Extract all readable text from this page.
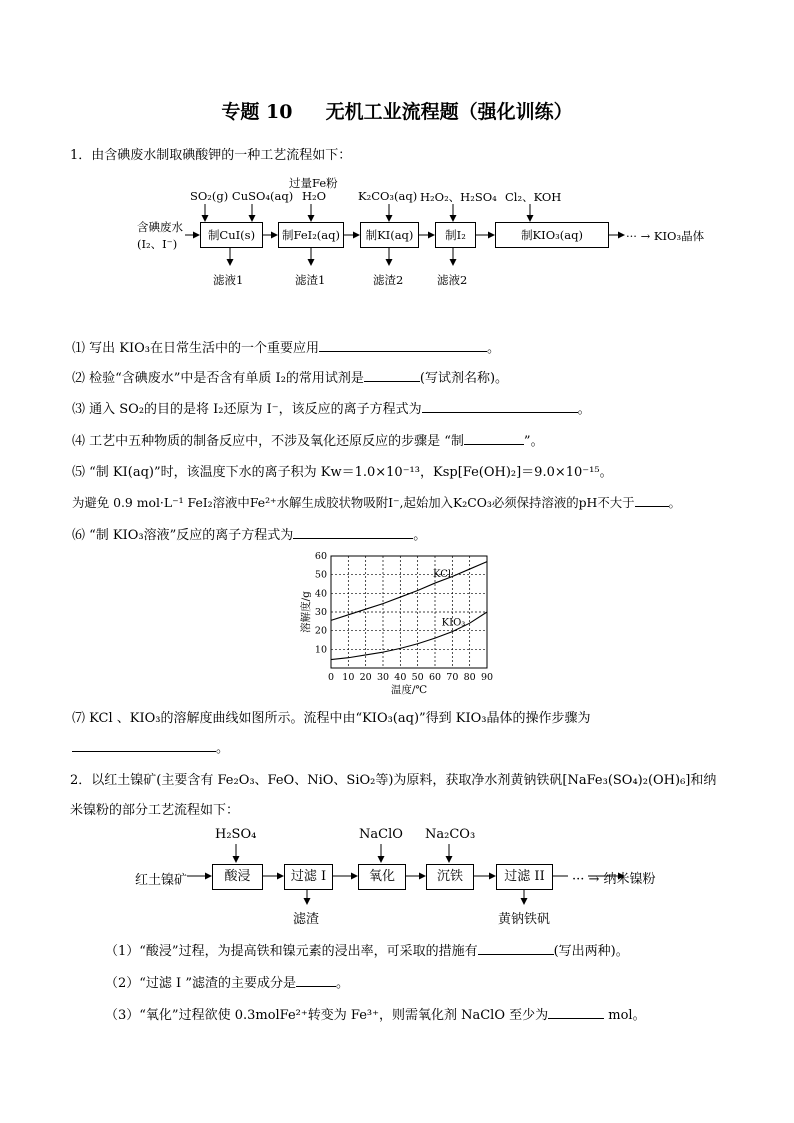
专题 10 无机工业流程题（强化训练）
1．由含碘废水制取碘酸钾的一种工艺流程如下：
含碘废水
(I₂、I⁻)
SO₂(g) CuSO₄(aq)
过量Fe粉
H₂O	K₂CO₃(aq) H₂O₂、H₂SO₄ Cl₂、KOH
制CuI(s)	制FeI₂(aq)	制KI(aq)	制I₂	制KIO₃(aq)	··· → KIO₃晶体
滤液1	滤渣1	滤渣2	滤液2
⑴ 写出 KIO₃在日常生活中的一个重要应用	。
⑵ 检验“含碘废水”中是否含有单质 I₂的常用试剂是	(写试剂名称)。
⑶ 通入 SO₂的目的是将 I₂还原为 I⁻，该反应的离子方程式为	。
⑷ 工艺中五种物质的制备反应中，不涉及氧化还原反应的步骤是 “制	”。
⑸ “制 KI(aq)”时，该温度下水的离子积为 Kw＝1.0×10⁻¹³，Ksp[Fe(OH)₂]＝9.0×10⁻¹⁵。
为避免 0.9 mol·L⁻¹ FeI₂溶液中Fe²⁺水解生成胶状物吸附I⁻,起始加入K₂CO₃必须保持溶液的pH不大于	。
⑹ “制 KIO₃溶液”反应的离子方程式为	。
0 10 20 30 40 50 60 70 80 90
10
20
30
40
50
60
温度/℃
溶解度/g
KCl
KIO₃
⑺ KCl 、KIO₃的溶解度曲线如图所示。流程中由“KIO₃(aq)”得到 KIO₃晶体的操作步骤为
。
2．以红土镍矿(主要含有 Fe₂O₃、FeO、NiO、SiO₂等)为原料，获取净水剂黄钠铁矾[NaFe₃(SO₄)₂(OH)₆]和纳
米镍粉的部分工艺流程如下：
红土镍矿
H₂SO₄	NaClO Na₂CO₃
酸浸	过滤 I	氧化	沉铁	过滤 II	··· → 纳米镍粉
滤渣	黄钠铁矾
（1）“酸浸”过程，为提高铁和镍元素的浸出率，可采取的措施有	(写出两种)。
（2）“过滤 I ”滤渣的主要成分是	。
（3）“氧化”过程欲使 0.3molFe²⁺转变为 Fe³⁺，则需氧化剂 NaClO 至少为	mol。
